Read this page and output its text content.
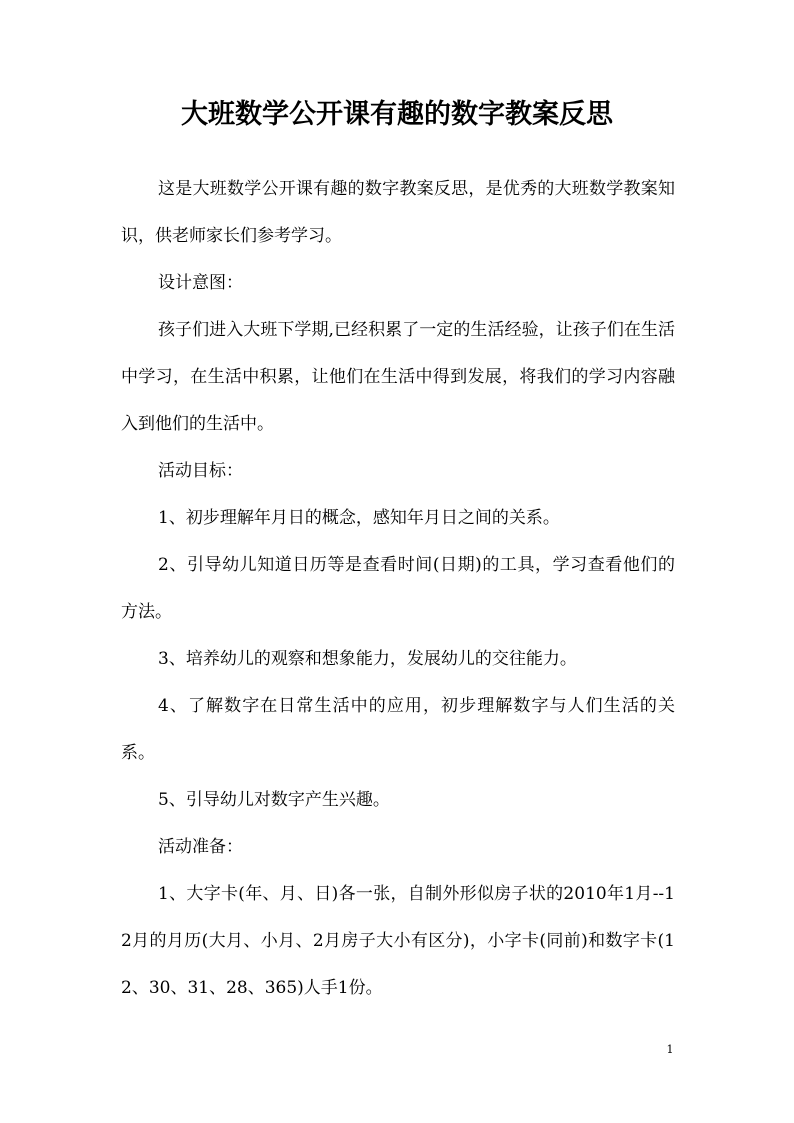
大班数学公开课有趣的数字教案反思

这是大班数学公开课有趣的数字教案反思，是优秀的大班数学教案知识，供老师家长们参考学习。

设计意图：

孩子们进入大班下学期,已经积累了一定的生活经验，让孩子们在生活中学习，在生活中积累，让他们在生活中得到发展，将我们的学习内容融入到他们的生活中。

活动目标：

1、初步理解年月日的概念，感知年月日之间的关系。

2、引导幼儿知道日历等是查看时间(日期)的工具，学习查看他们的方法。

3、培养幼儿的观察和想象能力，发展幼儿的交往能力。

4、了解数字在日常生活中的应用，初步理解数字与人们生活的关系。

5、引导幼儿对数字产生兴趣。

活动准备：

1、大字卡(年、月、日)各一张，自制外形似房子状的2010年1月--12月的月历(大月、小月、2月房子大小有区分)，小字卡(同前)和数字卡(12、30、31、28、365)人手1份。

1
